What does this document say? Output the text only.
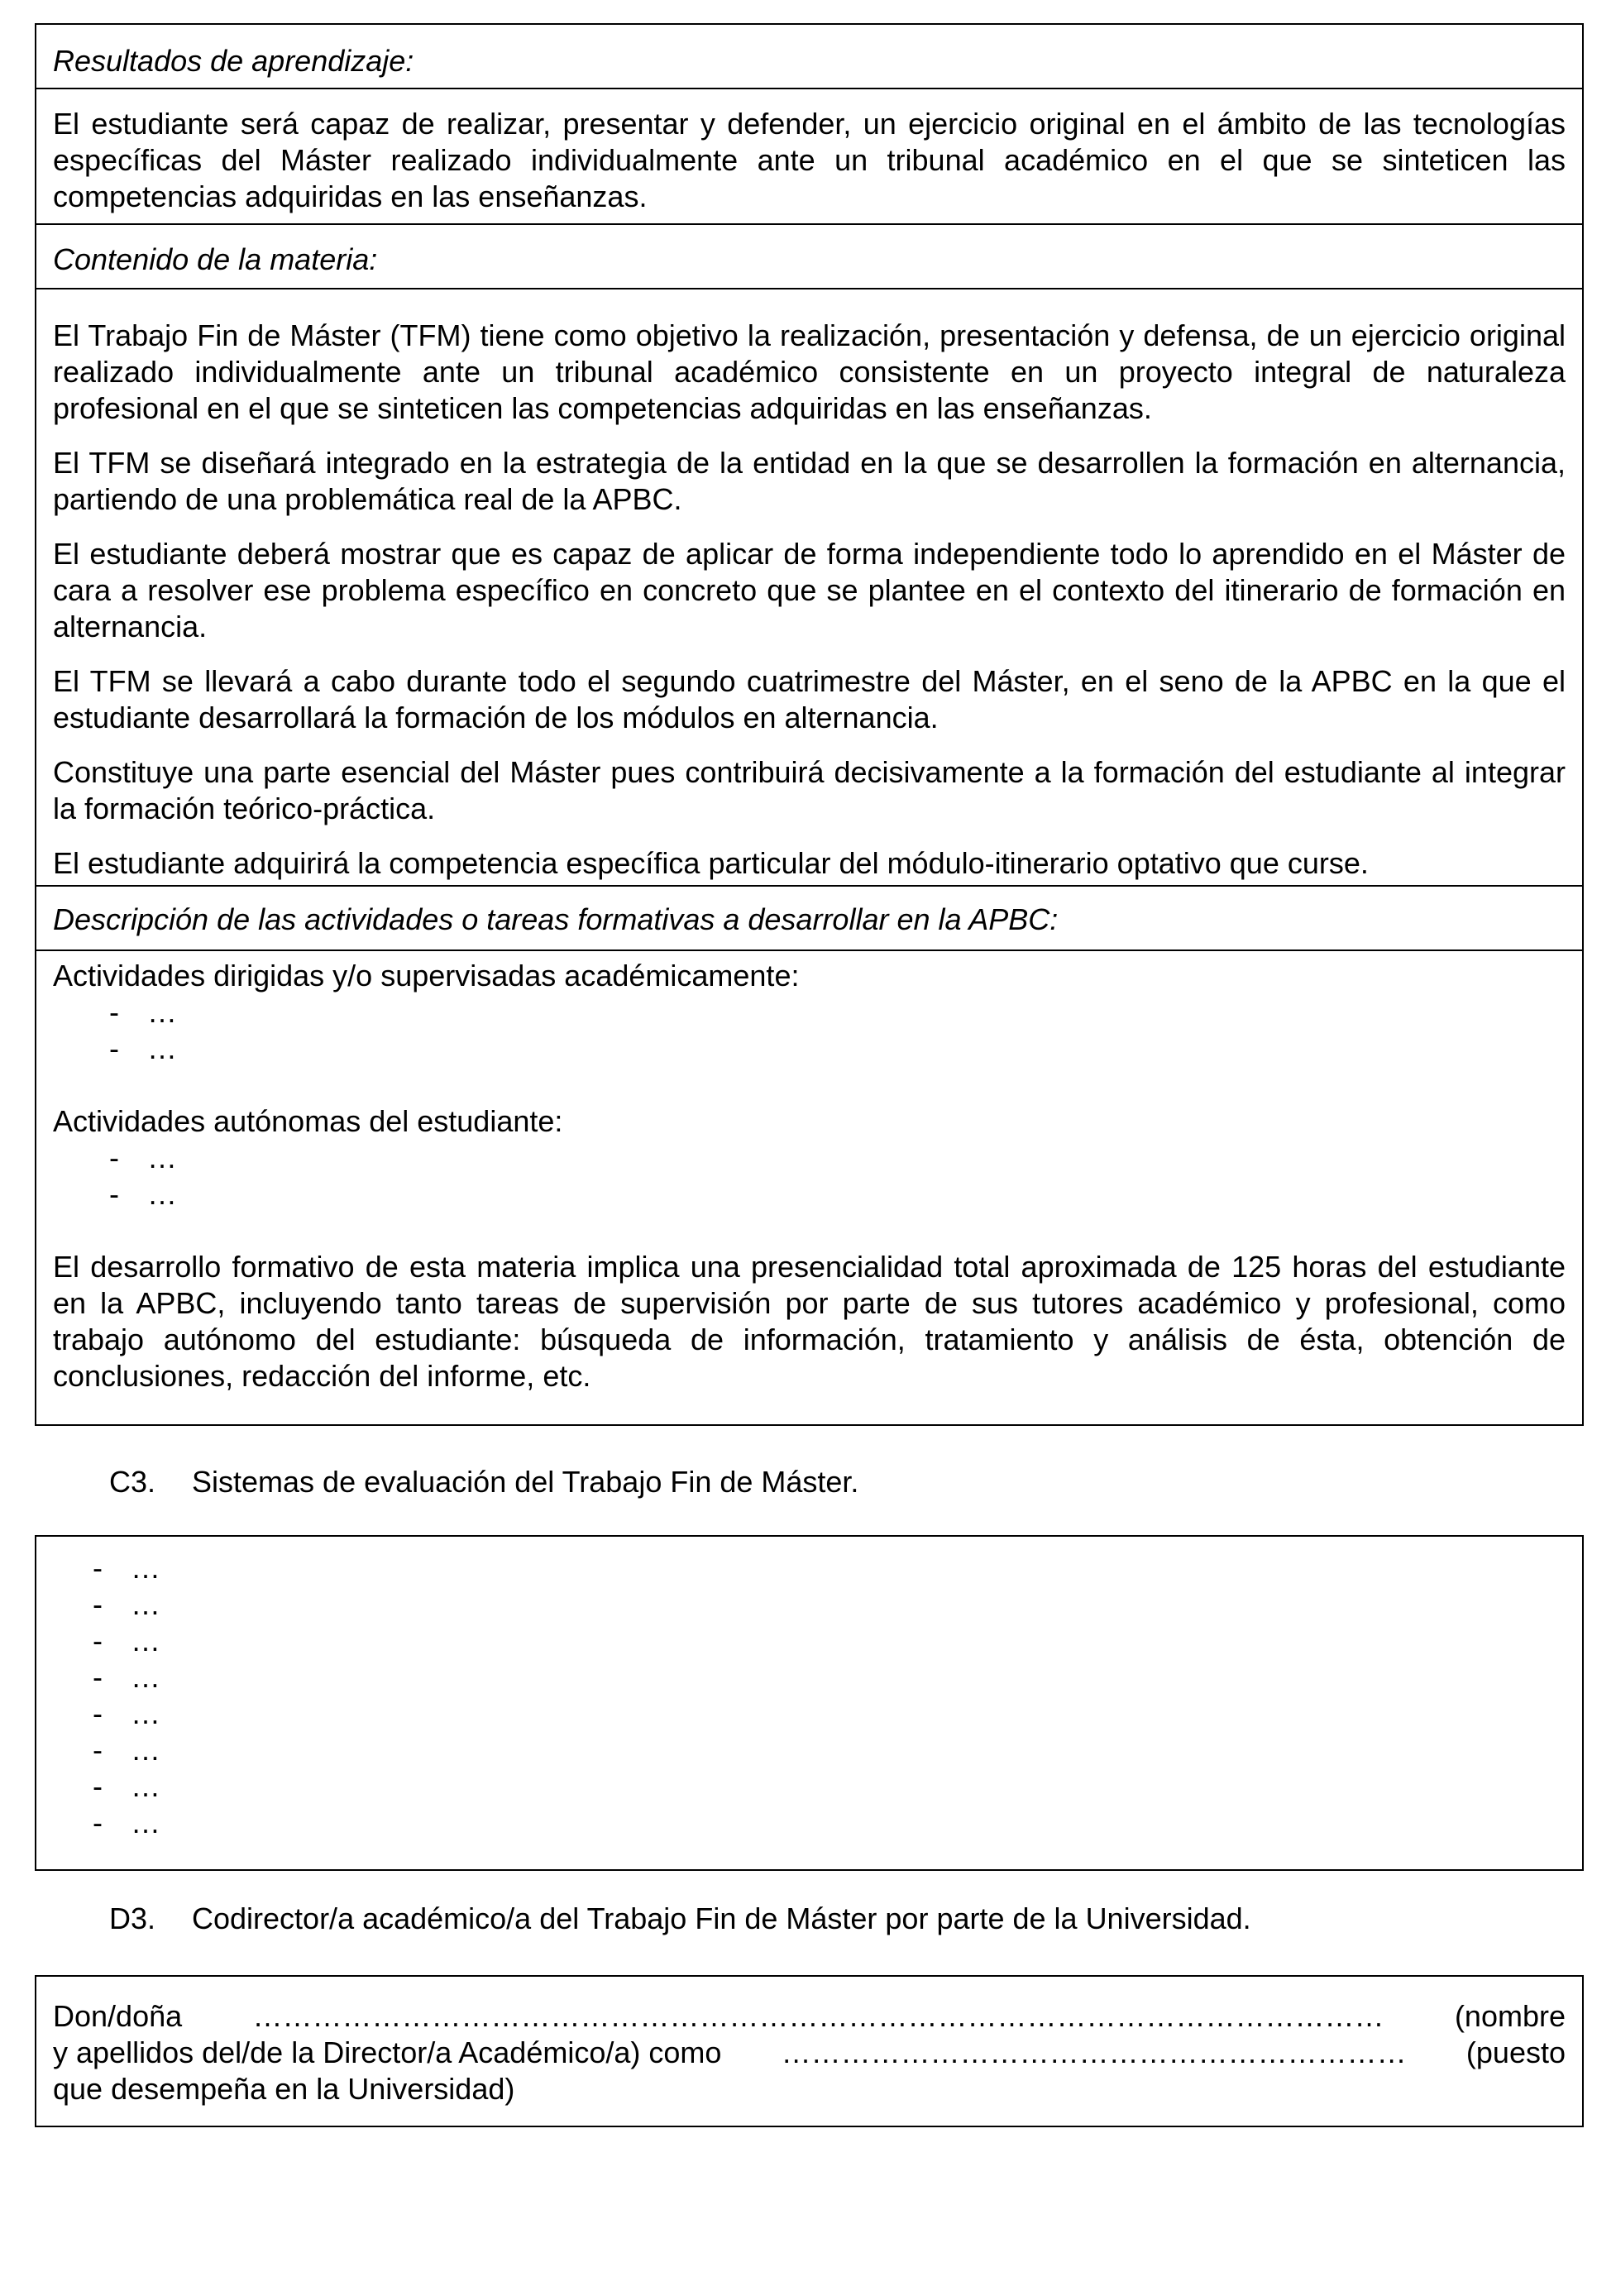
Resultados de aprendizaje:

El estudiante será capaz de realizar, presentar y defender, un ejercicio original en el ámbito de las tecnologías específicas del Máster realizado individualmente ante un tribunal académico en el que se sinteticen las competencias adquiridas en las enseñanzas.

Contenido de la materia:

El Trabajo Fin de Máster (TFM) tiene como objetivo la realización, presentación y defensa, de un ejercicio original realizado individualmente ante un tribunal académico consistente en un proyecto integral de naturaleza profesional en el que se sinteticen las competencias adquiridas en las enseñanzas.

El TFM se diseñará integrado en la estrategia de la entidad en la que se desarrollen la formación en alternancia, partiendo de una problemática real de la APBC.

El estudiante deberá mostrar que es capaz de aplicar de forma independiente todo lo aprendido en el Máster de cara a resolver ese problema específico en concreto que se plantee en el contexto del itinerario de formación en alternancia.

El TFM se llevará a cabo durante todo el segundo cuatrimestre del Máster, en el seno de la APBC en la que el estudiante desarrollará la formación de los módulos en alternancia.

Constituye una parte esencial del Máster pues contribuirá decisivamente a la formación del estudiante al integrar la formación teórico-práctica.

El estudiante adquirirá la competencia específica particular del módulo-itinerario optativo que curse.

Descripción de las actividades o tareas formativas a desarrollar en la APBC:

Actividades dirigidas y/o supervisadas académicamente:

- …
- …

Actividades autónomas del estudiante:

- …
- …

El desarrollo formativo de esta materia implica una presencialidad total aproximada de 125 horas del estudiante en la APBC, incluyendo tanto tareas de supervisión por parte de sus tutores académico y profesional, como trabajo autónomo del estudiante: búsqueda de información, tratamiento y análisis de ésta, obtención de conclusiones, redacción del informe, etc.

C3. Sistemas de evaluación del Trabajo Fin de Máster.
- …
- …
- …
- …
- …
- …
- …
- …
D3. Codirector/a académico/a del Trabajo Fin de Máster por parte de la Universidad.
Don/doña	……………………………………………………………………………………………………	(nombre
y apellidos del/de la Director/a Académico/a) como	………………………………………………………	(puesto

que desempeña en la Universidad)
